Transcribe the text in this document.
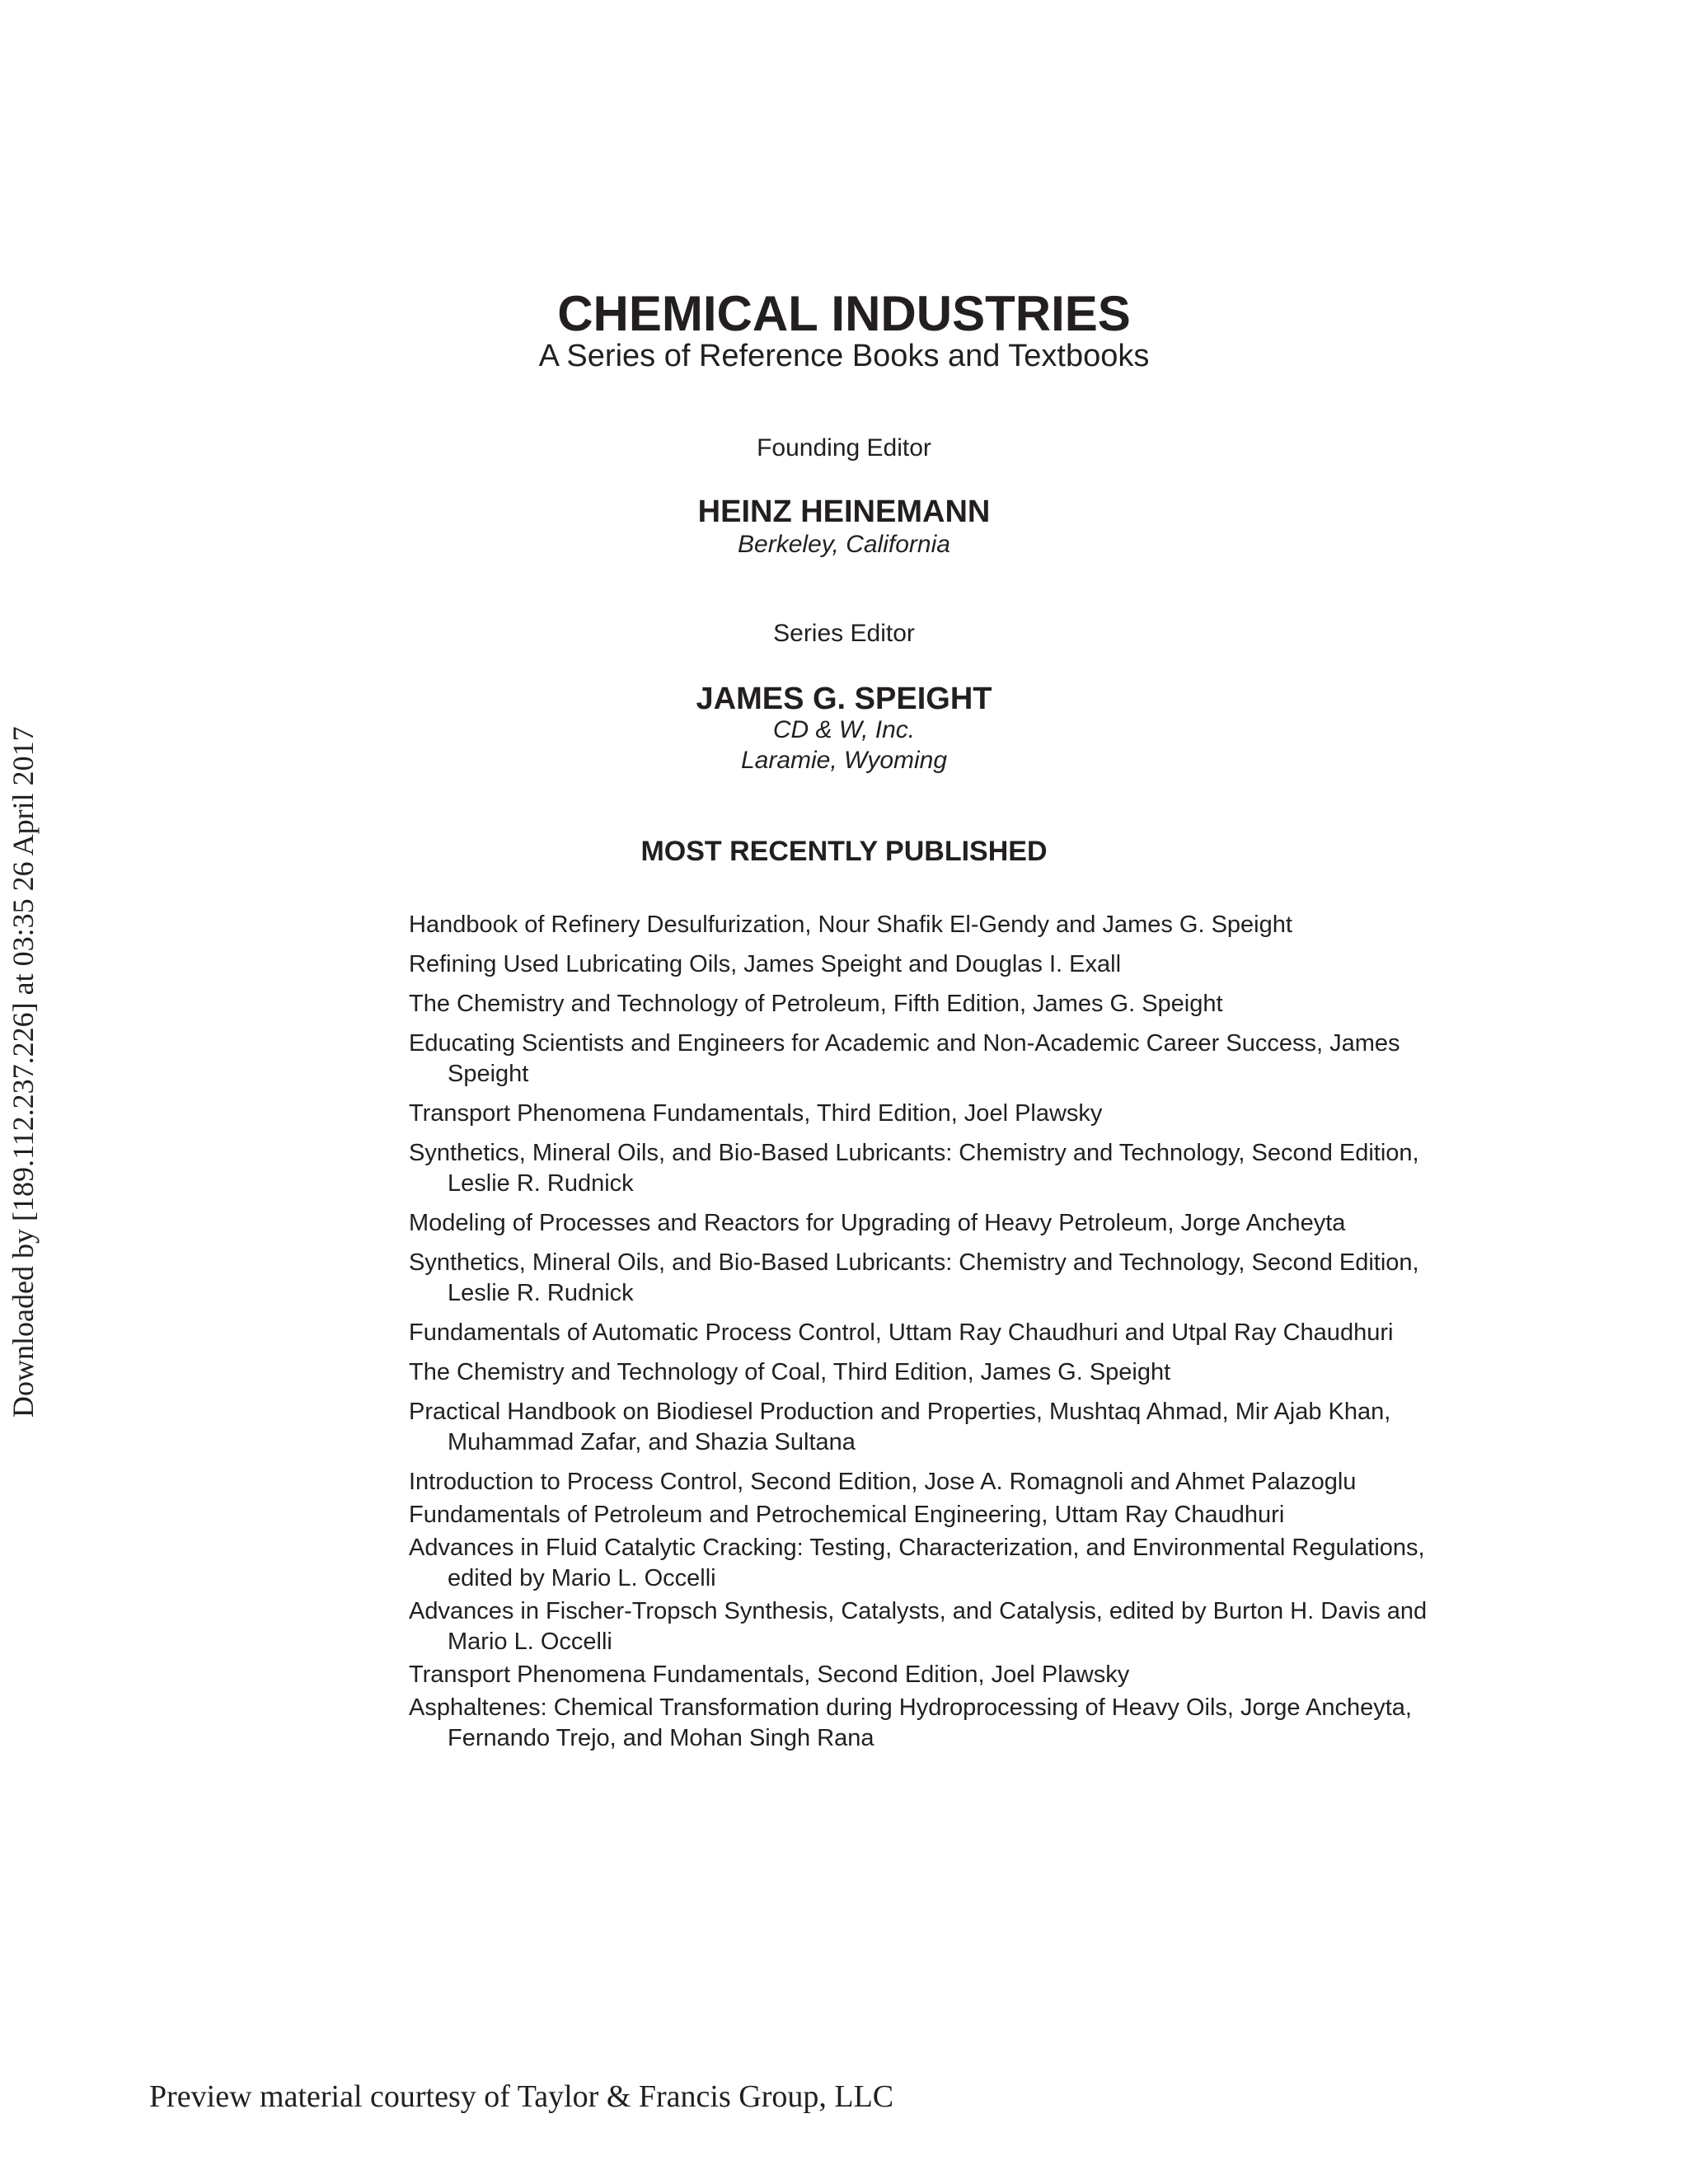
Downloaded by [189.112.237.226] at 03:35 26 April 2017
CHEMICAL INDUSTRIES
A Series of Reference Books and Textbooks
Founding Editor
HEINZ HEINEMANN
Berkeley, California
Series Editor
JAMES G. SPEIGHT
CD & W, Inc.
Laramie, Wyoming
MOST RECENTLY PUBLISHED
Handbook of Refinery Desulfurization, Nour Shafik El-Gendy and James G. Speight
Refining Used Lubricating Oils, James Speight and Douglas I. Exall
The Chemistry and Technology of Petroleum, Fifth Edition, James G. Speight
Educating Scientists and Engineers for Academic and Non-Academic Career Success, James Speight
Transport Phenomena Fundamentals, Third Edition, Joel Plawsky
Synthetics, Mineral Oils, and Bio-Based Lubricants: Chemistry and Technology, Second Edition, Leslie R. Rudnick
Modeling of Processes and Reactors for Upgrading of Heavy Petroleum, Jorge Ancheyta
Synthetics, Mineral Oils, and Bio-Based Lubricants: Chemistry and Technology, Second Edition, Leslie R. Rudnick
Fundamentals of Automatic Process Control, Uttam Ray Chaudhuri and Utpal Ray Chaudhuri
The Chemistry and Technology of Coal, Third Edition, James G. Speight
Practical Handbook on Biodiesel Production and Properties, Mushtaq Ahmad, Mir Ajab Khan, Muhammad Zafar, and Shazia Sultana
Introduction to Process Control, Second Edition, Jose A. Romagnoli and Ahmet Palazoglu
Fundamentals of Petroleum and Petrochemical Engineering, Uttam Ray Chaudhuri
Advances in Fluid Catalytic Cracking: Testing, Characterization, and Environmental Regulations, edited by Mario L. Occelli
Advances in Fischer-Tropsch Synthesis, Catalysts, and Catalysis, edited by Burton H. Davis and Mario L. Occelli
Transport Phenomena Fundamentals, Second Edition, Joel Plawsky
Asphaltenes: Chemical Transformation during Hydroprocessing of Heavy Oils, Jorge Ancheyta, Fernando Trejo, and Mohan Singh Rana
Preview material courtesy of Taylor & Francis Group, LLC
